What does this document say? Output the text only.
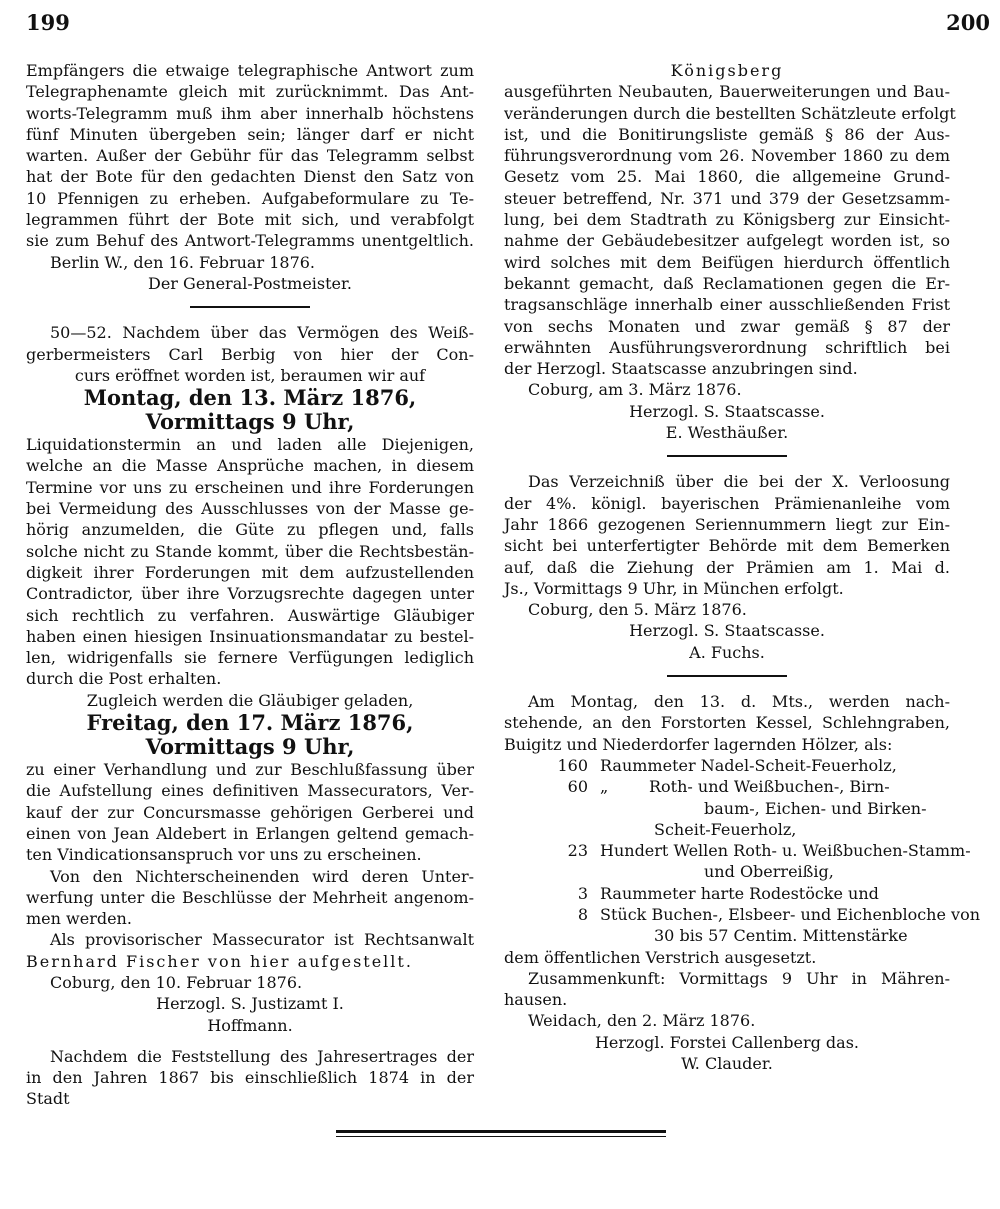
199	200
Empfängers die etwaige telegraphische Antwort zum
Telegraphenamte gleich mit zurücknimmt. Das Ant-
worts-Telegramm muß ihm aber innerhalb höchstens
fünf Minuten übergeben sein; länger darf er nicht
warten. Außer der Gebühr für das Telegramm selbst
hat der Bote für den gedachten Dienst den Satz von
10 Pfennigen zu erheben. Aufgabeformulare zu Te-
legrammen führt der Bote mit sich, und verabfolgt
sie zum Behuf des Antwort-Telegramms unentgeltlich.
Berlin W., den 16. Februar 1876.
Der General-Postmeister.
50—52. Nachdem über das Vermögen des Weiß-
gerbermeisters Carl Berbig von hier der Con-
curs eröffnet worden ist, beraumen wir auf
Montag, den 13. März 1876,
Vormittags 9 Uhr,
Liquidationstermin an und laden alle Diejenigen,
welche an die Masse Ansprüche machen, in diesem
Termine vor uns zu erscheinen und ihre Forderungen
bei Vermeidung des Ausschlusses von der Masse ge-
hörig anzumelden, die Güte zu pflegen und, falls
solche nicht zu Stande kommt, über die Rechtsbestän-
digkeit ihrer Forderungen mit dem aufzustellenden
Contradictor, über ihre Vorzugsrechte dagegen unter
sich rechtlich zu verfahren. Auswärtige Gläubiger
haben einen hiesigen Insinuationsmandatar zu bestel-
len, widrigenfalls sie fernere Verfügungen lediglich
durch die Post erhalten.
Zugleich werden die Gläubiger geladen,
Freitag, den 17. März 1876,
Vormittags 9 Uhr,
zu einer Verhandlung und zur Beschlußfassung über
die Aufstellung eines definitiven Massecurators, Ver-
kauf der zur Concursmasse gehörigen Gerberei und
einen von Jean Aldebert in Erlangen geltend gemach-
ten Vindicationsanspruch vor uns zu erscheinen.
Von den Nichterscheinenden wird deren Unter-
werfung unter die Beschlüsse der Mehrheit angenom-
men werden.
Als provisorischer Massecurator ist Rechtsanwalt
Bernhard Fischer von hier aufgestellt.
Coburg, den 10. Februar 1876.
Herzogl. S. Justizamt I.
Hoffmann.
Nachdem die Feststellung des Jahresertrages der
in den Jahren 1867 bis einschließlich 1874 in der
Stadt
Königsberg
ausgeführten Neubauten, Bauerweiterungen und Bau-
veränderungen durch die bestellten Schätzleute erfolgt
ist, und die Bonitirungsliste gemäß § 86 der Aus-
führungsverordnung vom 26. November 1860 zu dem
Gesetz vom 25. Mai 1860, die allgemeine Grund-
steuer betreffend, Nr. 371 und 379 der Gesetzsamm-
lung, bei dem Stadtrath zu Königsberg zur Einsicht-
nahme der Gebäudebesitzer aufgelegt worden ist, so
wird solches mit dem Beifügen hierdurch öffentlich
bekannt gemacht, daß Reclamationen gegen die Er-
tragsanschläge innerhalb einer ausschließenden Frist
von sechs Monaten und zwar gemäß § 87 der
erwähnten Ausführungsverordnung schriftlich bei
der Herzogl. Staatscasse anzubringen sind.
Coburg, am 3. März 1876.
Herzogl. S. Staatscasse.
E. Westhäußer.
Das Verzeichniß über die bei der X. Verloosung
der 4%. königl. bayerischen Prämienanleihe vom
Jahr 1866 gezogenen Seriennummern liegt zur Ein-
sicht bei unterfertigter Behörde mit dem Bemerken
auf, daß die Ziehung der Prämien am 1. Mai d.
Js., Vormittags 9 Uhr, in München erfolgt.
Coburg, den 5. März 1876.
Herzogl. S. Staatscasse.
A. Fuchs.
Am Montag, den 13. d. Mts., werden nach-
stehende, an den Forstorten Kessel, Schlehngraben,
Buigitz und Niederdorfer lagernden Hölzer, als:
160 Raummeter Nadel-Scheit-Feuerholz,
60 „        Roth- und Weißbuchen-, Birn-
baum-, Eichen- und Birken-
Scheit-Feuerholz,
23 Hundert Wellen Roth- u. Weißbuchen-Stamm-
und Oberreißig,
3 Raummeter harte Rodestöcke und
8 Stück Buchen-, Elsbeer- und Eichenbloche von
30 bis 57 Centim. Mittenstärke
dem öffentlichen Verstrich ausgesetzt.
Zusammenkunft: Vormittags 9 Uhr in Mähren-
hausen.
Weidach, den 2. März 1876.
Herzogl. Forstei Callenberg das.
W. Clauder.
